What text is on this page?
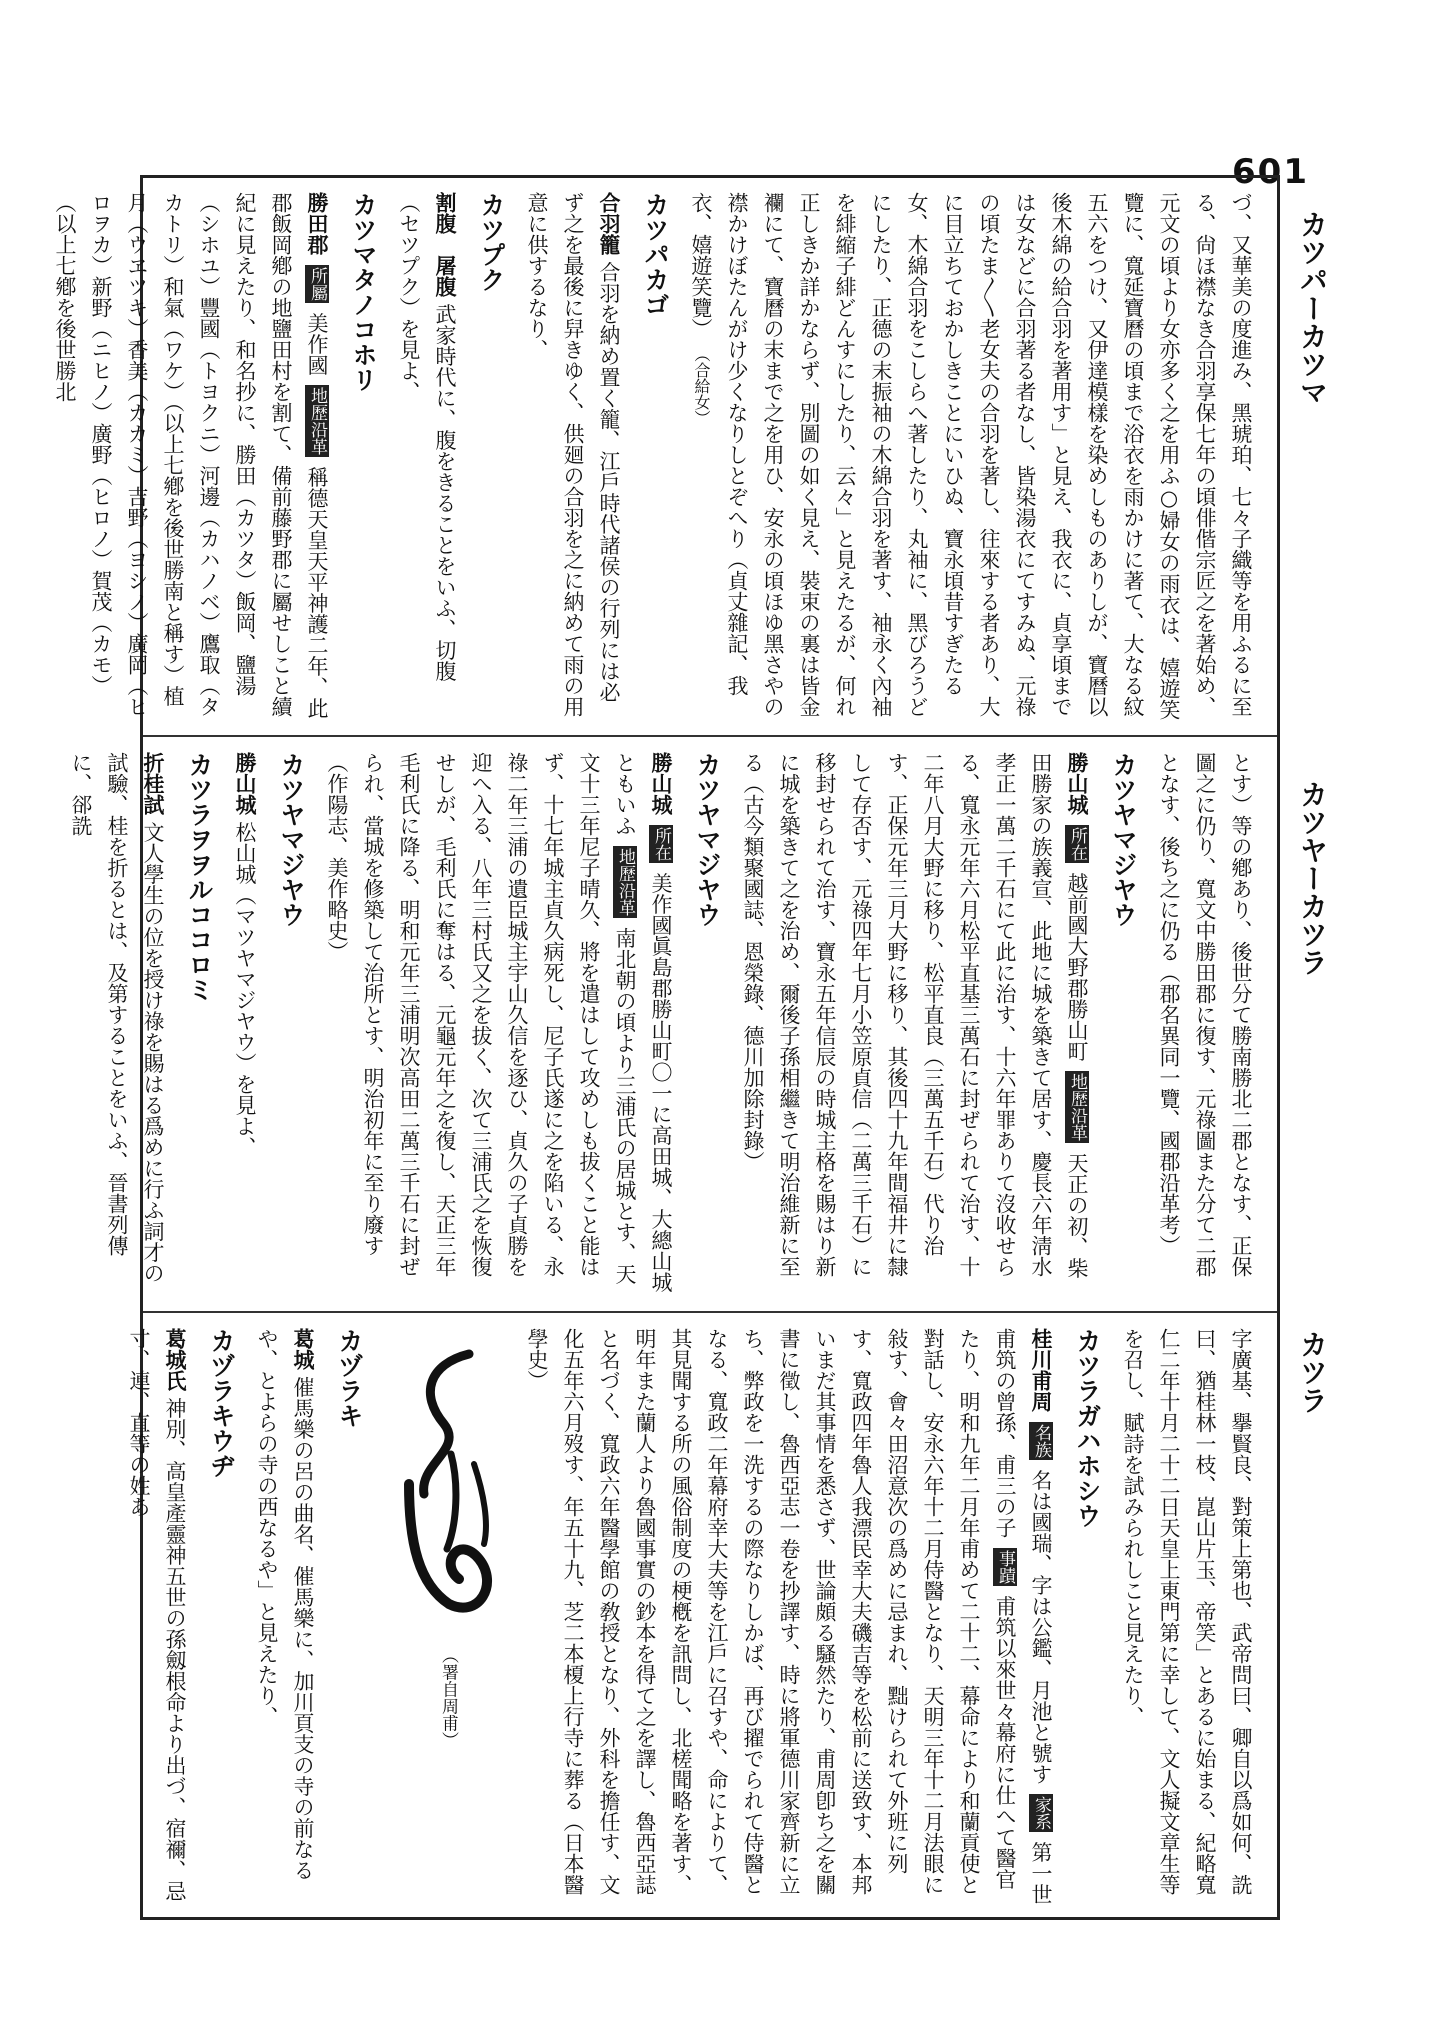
601
カツパーカツマ
カツヤーカツラ
カツラ

づ、又華美の度進み、黑琥珀、七々子織等を用ふるに至る、尙ほ襟なき合羽享保七年の頃俳偕宗匠之を著始め、元文の頃より女亦多く之を用ふ○婦女の雨衣は、嬉遊笑覽に、寬延寶曆の頃まで浴衣を雨かけに著て、大なる紋五六をつけ、又伊達模樣を染めしものありしが、寶曆以後木綿の給合羽を著用す」と見え、我衣に、貞享頃までは女などに合羽著る者なし、皆染湯衣にてすみぬ、元祿の頃たま〳〵老女夫の合羽を著し、往來する者あり、大に目立ちておかしきことにいひぬ、寶永頃昔すぎたる女、木綿合羽をこしらへ著したり、丸袖に、黑びろうどにしたり、正德の末振袖の木綿合羽を著す、袖永く內袖を緋縮子緋どんすにしたり、云々」と見えたるが、何れ正しきか詳かならず、別圖の如く見え、裝束の裏は皆金襴にて、寶曆の末まで之を用ひ、安永の頃ほゆ黑さやの襟かけぼたんがけ少くなりしとぞへり（貞丈雜記、我衣、嬉遊笑覽） （合給女）

カツパカゴ
合羽籠 合羽を納め置く籠、江戶時代諸侯の行列には必ず之を最後に舁きゆく、供廻の合羽を之に納めて雨の用意に供するなり、

カツプク
割腹　屠腹 武家時代に、腹をきることをいふ、切腹（セツプク）を見よ、

カツマタノコホリ
勝田郡 所屬 美作國 地歷沿革 稱德天皇天平神護二年、此郡飯岡鄕の地鹽田村を割て、備前藤野郡に屬せしこと續紀に見えたり、和名抄に、勝田（カツタ）飯岡、鹽湯（シホユ）豐國（トヨクニ）河邊（カハノベ）鷹取（タカトリ）和氣（ワケ）（以上七鄕を後世勝南と稱す）植月（ウヱツキ）香美（カカミ）吉野（ヨシノ）廣岡（ヒロヲカ）新野（ニヒノ）廣野（ヒロノ）賀茂（カモ）（以上七鄕を後世勝北

とす）等の鄕あり、後世分て勝南勝北二郡となす、正保圖之に仍り、寬文中勝田郡に復す、元祿圖また分て二郡となす、後ち之に仍る（郡名異同一覽、國郡沿革考）

カツヤマジヤウ
勝山城 所在 越前國大野郡勝山町 地歷沿革 天正の初、柴田勝家の族義宣、此地に城を築きて居す、慶長六年淸水孝正一萬二千石にて此に治す、十六年罪ありて沒收せらる、寬永元年六月松平直基三萬石に封ぜられて治す、十二年八月大野に移り、松平直良（三萬五千石）代り治す、正保元年三月大野に移り、其後四十九年間福井に隸して存否す、元祿四年七月小笠原貞信（二萬三千石）に移封せられて治す、寶永五年信辰の時城主格を賜はり新に城を築きて之を治め、爾後子孫相繼きて明治維新に至る（古今類聚國誌、恩榮錄、德川加除封錄）

カツヤマジヤウ
勝山城 所在 美作國眞島郡勝山町〇一に高田城、大總山城ともいふ 地歷沿革 南北朝の頃より三浦氏の居城とす、天文十三年尼子晴久、將を遣はして攻めしも拔くこと能はず、十七年城主貞久病死し、尼子氏遂に之を陷いる、永祿二年三浦の遺臣城主宇山久信を逐ひ、貞久の子貞勝を迎へ入る、八年三村氏又之を拔く、次て三浦氏之を恢復せしが、毛利氏に奪はる、元龜元年之を復し、天正三年毛利氏に降る、明和元年三浦明次高田二萬三千石に封ぜられ、當城を修築して治所とす、明治初年に至り廢す（作陽志、美作略史）

カツヤマジヤウ
勝山城 松山城（マツヤマジヤウ）を見よ、

カツラヲヲルココロミ
折桂試 文人學生の位を授け祿を賜はる爲めに行ふ詞才の試驗、桂を折るとは、及第することをいふ、晉書列傳に、郤詵

字廣基、擧賢良、對策上第也、武帝問曰、卿自以爲如何、詵曰、猶桂林一枝、崑山片玉、帝笑」とあるに始まる、紀略寬仁二年十月二十二日天皇上東門第に幸して、文人擬文章生等を召し、賦詩を試みられしこと見えたり、

カツラガハホシウ
桂川甫周 名族 名は國瑞、字は公鑑、月池と號す 家系 第一世甫筑の曾孫、甫三の子 事蹟 甫筑以來世々幕府に仕へて醫官たり、明和九年二月年甫めて二十二、幕命により和蘭貢使と對話し、安永六年十二月侍醫となり、天明三年十二月法眼に敍す、會々田沼意次の爲めに忌まれ、黜けられて外班に列す、寬政四年魯人我漂民幸大夫磯吉等を松前に送致す、本邦いまだ其事情を悉さず、世論頗る騷然たり、甫周卽ち之を關書に徵し、魯西亞志一卷を抄譯す、時に將軍德川家齊新に立ち、弊政を一洗するの際なりしかば、再び擢でられて侍醫となる、寬政二年幕府幸大夫等を江戶に召すや、命によりて、其見聞する所の風俗制度の梗槪を訊問し、北槎聞略を著す、明年また蘭人より魯國事實の鈔本を得て之を譯し、魯西亞誌と名づく、寬政六年醫學館の敎授となり、外科を擔任す、文化五年六月歿す、年五十九、芝二本榎上行寺に葬る（日本醫學史）

（署自周甫）

カヅラキ
葛城 催馬樂の呂の曲名、催馬樂に、加川頁支の寺の前なるや、とよらの寺の西なるや」と見えたり、

カヅラキウヂ
葛城氏 神別、高皇產靈神五世の孫劔根命より出づ、宿禰、忌寸、連、直等の姓あ
